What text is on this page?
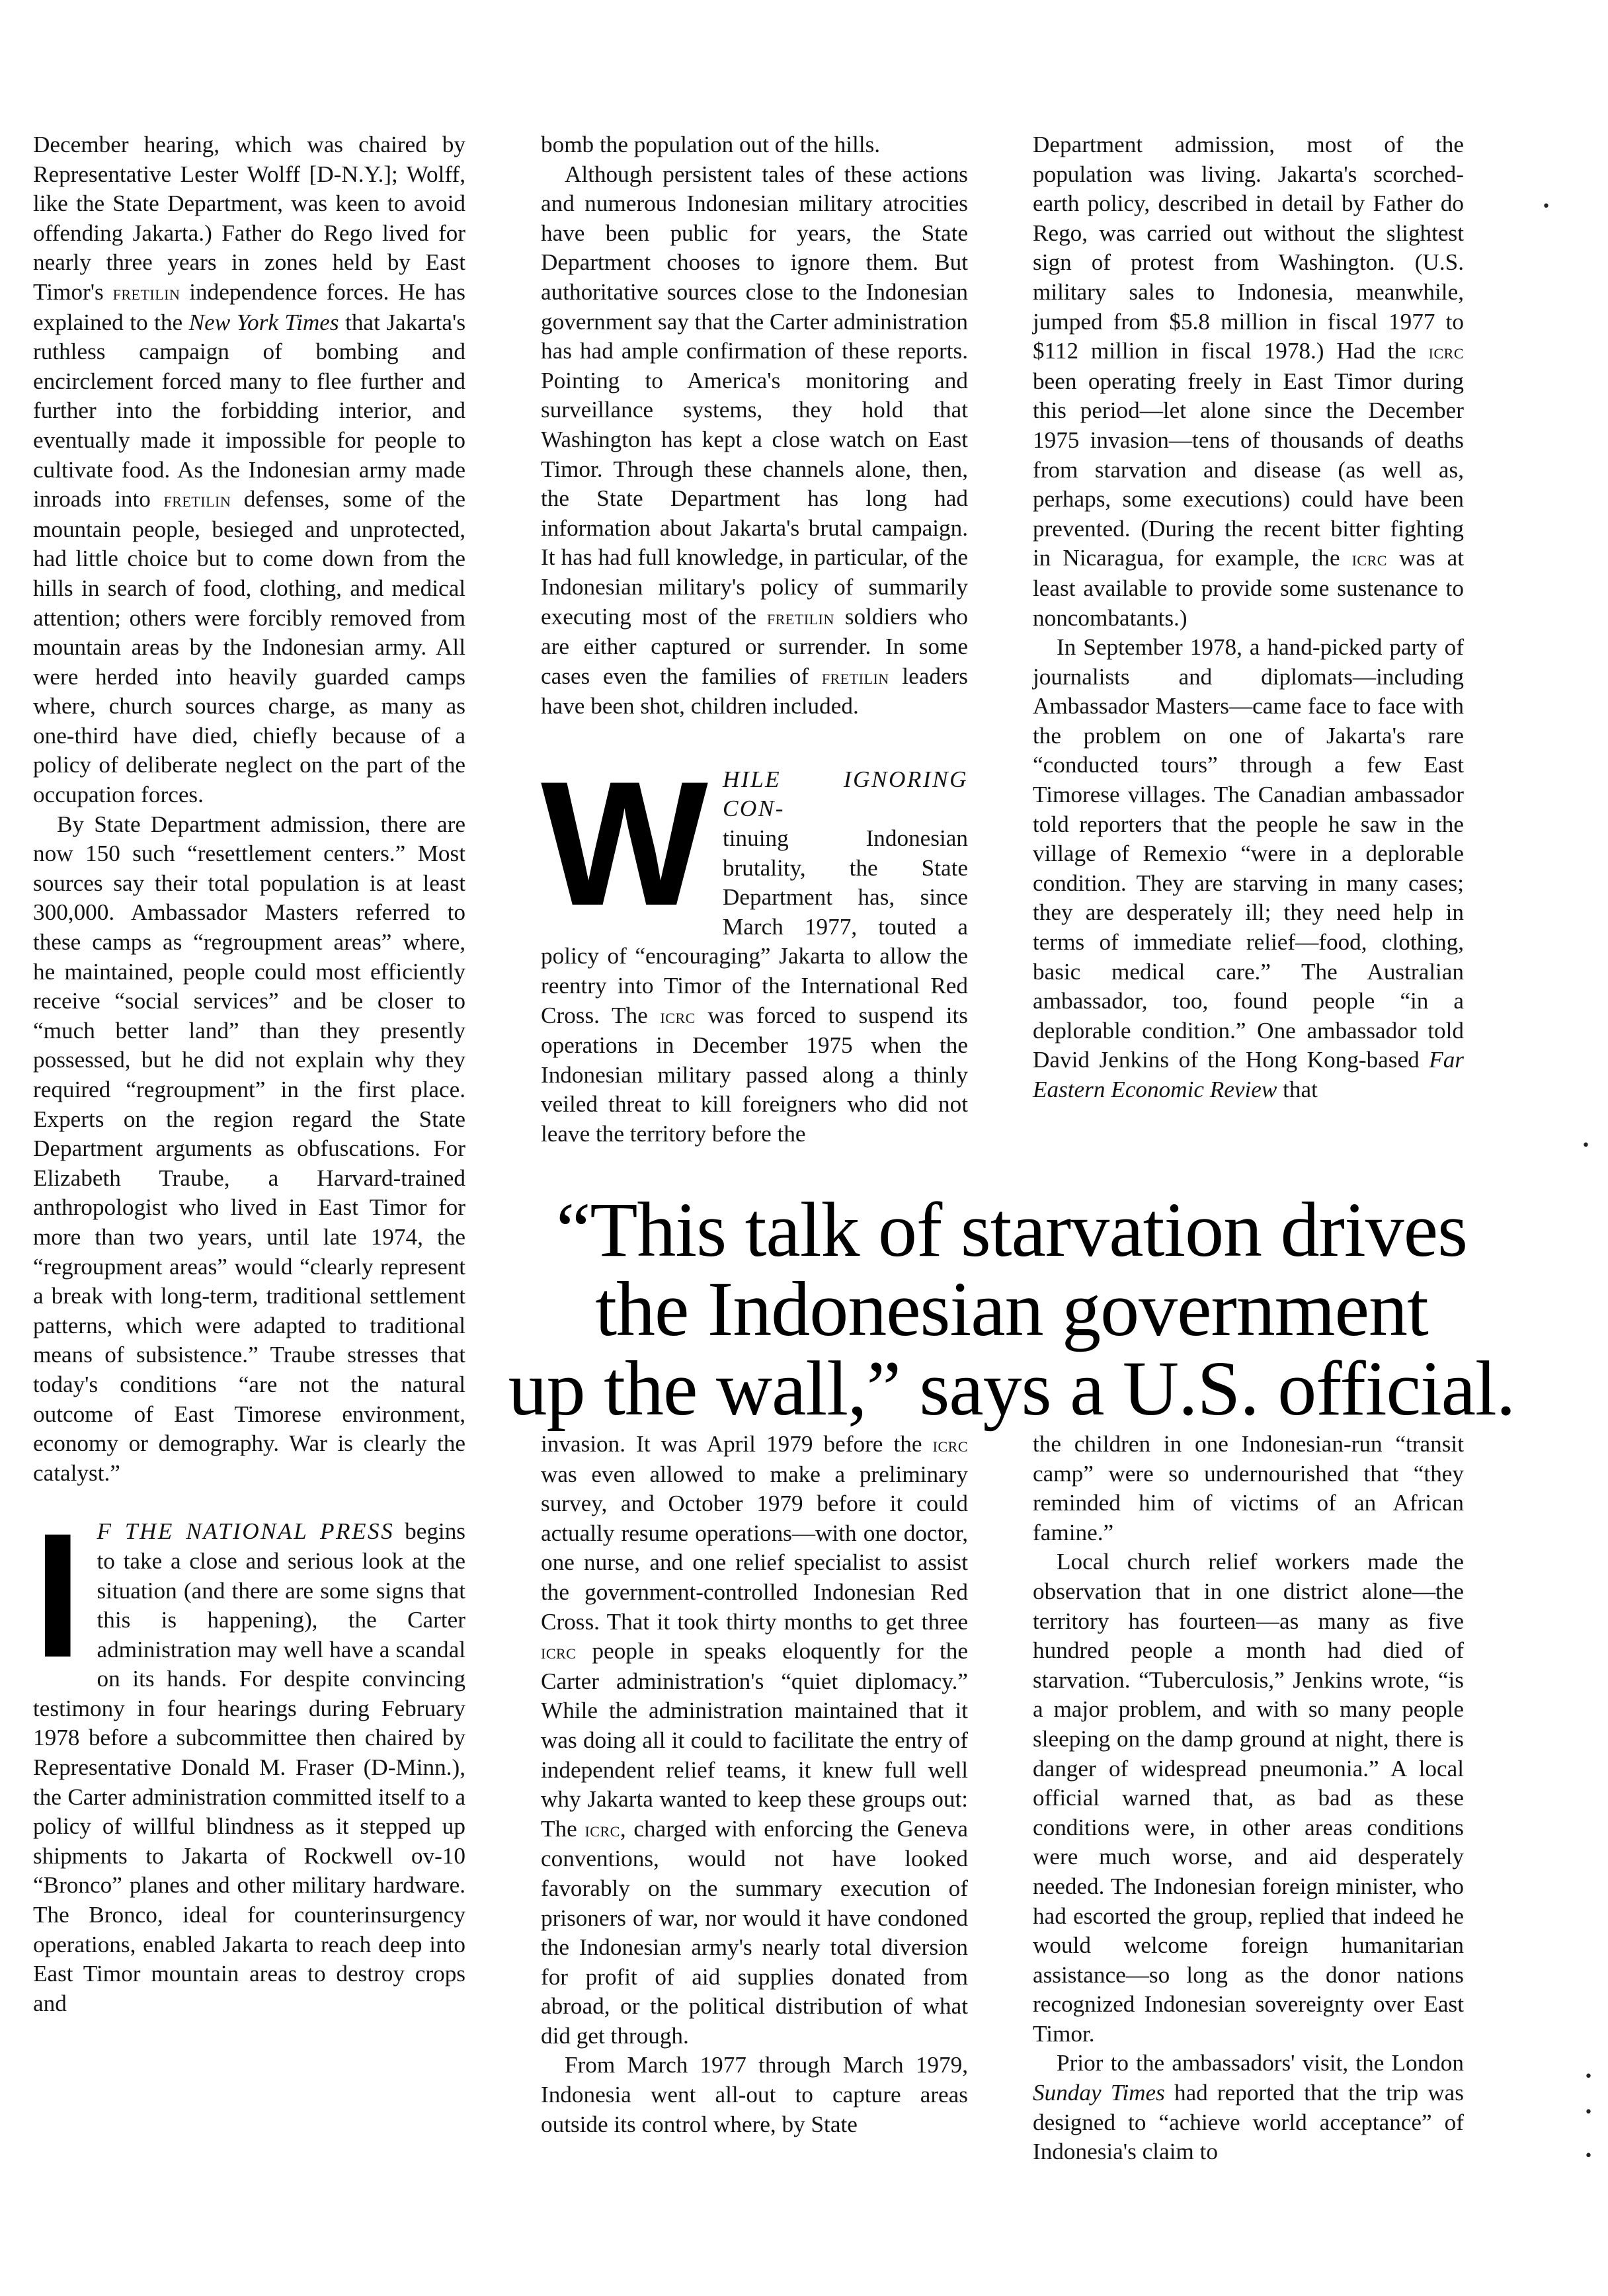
December hearing, which was chaired by Representative Lester Wolff [D-N.Y.]; Wolff, like the State Department, was keen to avoid offending Jakarta.) Father do Rego lived for nearly three years in zones held by East Timor's fretilin independence forces. He has explained to the New York Times that Jakarta's ruthless campaign of bombing and encirclement forced many to flee further and further into the forbidding interior, and eventually made it impossible for people to cultivate food. As the Indonesian army made inroads into fretilin defenses, some of the mountain people, besieged and unprotected, had little choice but to come down from the hills in search of food, clothing, and medical attention; others were forcibly removed from mountain areas by the Indonesian army. All were herded into heavily guarded camps where, church sources charge, as many as one-third have died, chiefly because of a policy of deliberate neglect on the part of the occupation forces.

By State Department admission, there are now 150 such “resettlement centers.” Most sources say their total population is at least 300,000. Ambassador Masters referred to these camps as “regroupment areas” where, he maintained, people could most efficiently receive “social services” and be closer to “much better land” than they presently possessed, but he did not explain why they required “regroupment” in the first place. Experts on the region regard the State Department arguments as obfuscations. For Elizabeth Traube, a Harvard-trained anthropologist who lived in East Timor for more than two years, until late 1974, the “regroupment areas” would “clearly represent a break with long-term, traditional settlement patterns, which were adapted to traditional means of subsistence.” Traube stresses that today's conditions “are not the natural outcome of East Timorese environment, economy or demography. War is clearly the catalyst.”

I F THE NATIONAL PRESS begins to take a close and serious look at the situation (and there are some signs that this is happening), the Carter administration may well have a scandal on its hands. For despite convincing testimony in four hearings during February 1978 before a subcommittee then chaired by Representative Donald M. Fraser (D-Minn.), the Carter administration committed itself to a policy of willful blindness as it stepped up shipments to Jakarta of Rockwell ov-10 “Bronco” planes and other military hardware. The Bronco, ideal for counterinsurgency operations, enabled Jakarta to reach deep into East Timor mountain areas to destroy crops and

bomb the population out of the hills.

Although persistent tales of these actions and numerous Indonesian military atrocities have been public for years, the State Department chooses to ignore them. But authoritative sources close to the Indonesian government say that the Carter administration has had ample confirmation of these reports. Pointing to America's monitoring and surveillance systems, they hold that Washington has kept a close watch on East Timor. Through these channels alone, then, the State Department has long had information about Jakarta's brutal campaign. It has had full knowledge, in particular, of the Indonesian military's policy of summarily executing most of the fretilin soldiers who are either captured or surrender. In some cases even the families of fretilin leaders have been shot, children included.

W HILE IGNORING CON-
tinuing Indonesian brutality, the State Department has, since March 1977, touted a policy of “encouraging” Jakarta to allow the reentry into Timor of the International Red Cross. The icrc was forced to suspend its operations in December 1975 when the Indonesian military passed along a thinly veiled threat to kill foreigners who did not leave the territory before the

Department admission, most of the population was living. Jakarta's scorched-earth policy, described in detail by Father do Rego, was carried out without the slightest sign of protest from Washington. (U.S. military sales to Indonesia, meanwhile, jumped from $5.8 million in fiscal 1977 to $112 million in fiscal 1978.) Had the icrc been operating freely in East Timor during this period—let alone since the December 1975 invasion—tens of thousands of deaths from starvation and disease (as well as, perhaps, some executions) could have been prevented. (During the recent bitter fighting in Nicaragua, for example, the icrc was at least available to provide some sustenance to noncombatants.)

In September 1978, a hand-picked party of journalists and diplomats—including Ambassador Masters—came face to face with the problem on one of Jakarta's rare “conducted tours” through a few East Timorese villages. The Canadian ambassador told reporters that the people he saw in the village of Remexio “were in a deplorable condition. They are starving in many cases; they are desperately ill; they need help in terms of immediate relief—food, clothing, basic medical care.” The Australian ambassador, too, found people “in a deplorable condition.” One ambassador told David Jenkins of the Hong Kong-based Far Eastern Economic Review that

“This talk of starvation drives
the Indonesian government
up the wall,” says a U.S. official.

invasion. It was April 1979 before the icrc was even allowed to make a preliminary survey, and October 1979 before it could actually resume operations—with one doctor, one nurse, and one relief specialist to assist the government-controlled Indonesian Red Cross. That it took thirty months to get three icrc people in speaks eloquently for the Carter administration's “quiet diplomacy.” While the administration maintained that it was doing all it could to facilitate the entry of independent relief teams, it knew full well why Jakarta wanted to keep these groups out: The icrc, charged with enforcing the Geneva conventions, would not have looked favorably on the summary execution of prisoners of war, nor would it have condoned the Indonesian army's nearly total diversion for profit of aid supplies donated from abroad, or the political distribution of what did get through.

From March 1977 through March 1979, Indonesia went all-out to capture areas outside its control where, by State

the children in one Indonesian-run “transit camp” were so undernourished that “they reminded him of victims of an African famine.”

Local church relief workers made the observation that in one district alone—the territory has fourteen—as many as five hundred people a month had died of starvation. “Tuberculosis,” Jenkins wrote, “is a major problem, and with so many people sleeping on the damp ground at night, there is danger of widespread pneumonia.” A local official warned that, as bad as these conditions were, in other areas conditions were much worse, and aid desperately needed. The Indonesian foreign minister, who had escorted the group, replied that indeed he would welcome foreign humanitarian assistance—so long as the donor nations recognized Indonesian sovereignty over East Timor.

Prior to the ambassadors' visit, the London Sunday Times had reported that the trip was designed to “achieve world acceptance” of Indonesia's claim to

•
•
•
•
•
